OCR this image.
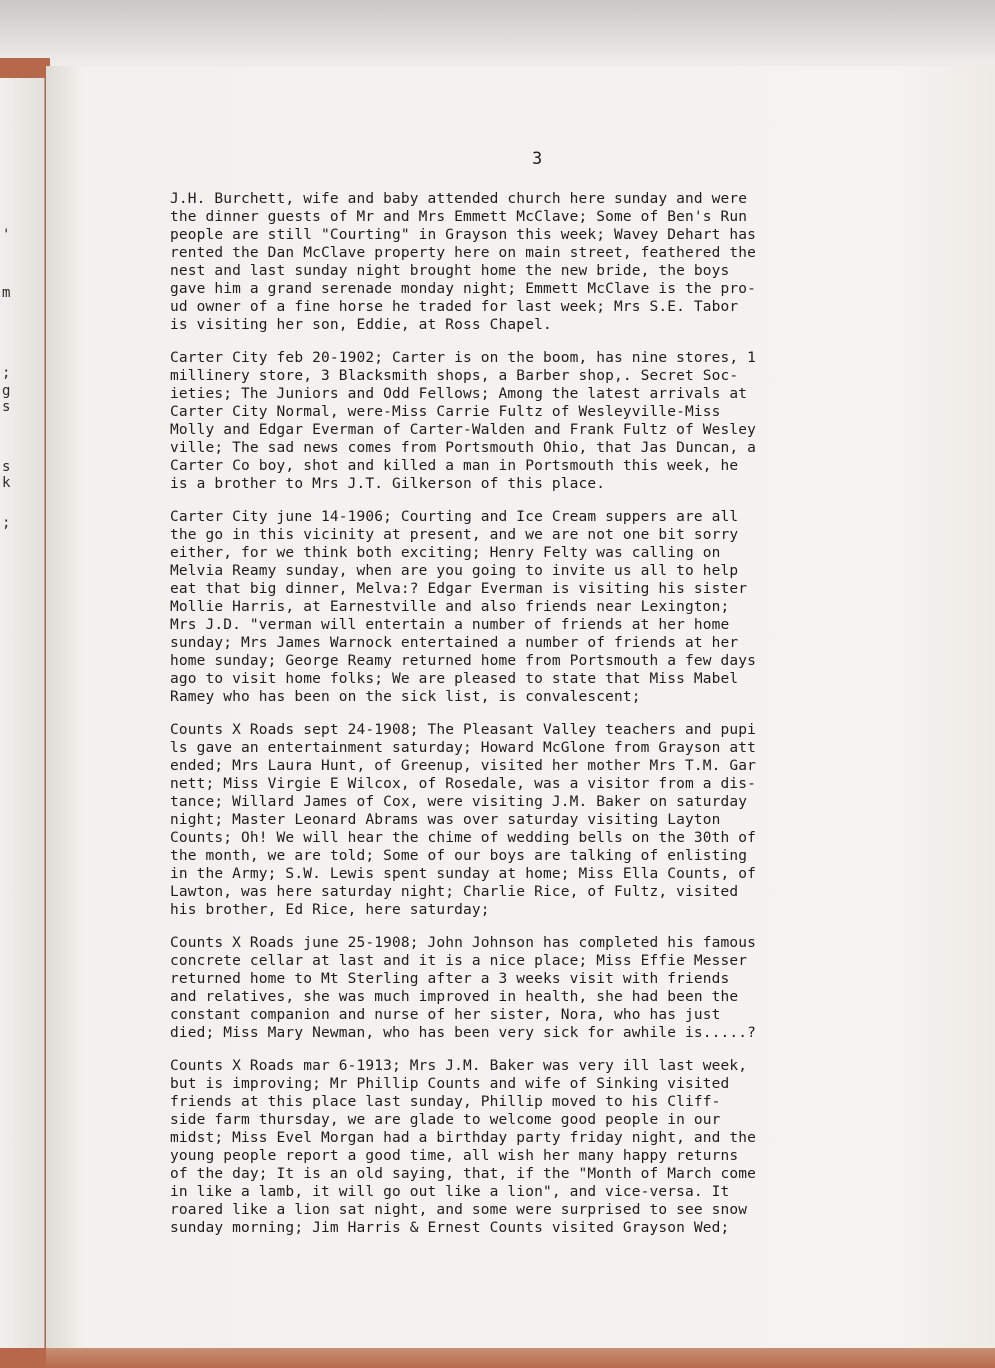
'
m
;
g
s
s
k
;
3
J.H. Burchett, wife and baby attended church here sunday and were
the dinner guests of Mr and Mrs Emmett McClave; Some of Ben's Run
people are still "Courting" in Grayson this week; Wavey Dehart has
rented the Dan McClave property here on main street, feathered the
nest and last sunday night brought home the new bride, the boys
gave him a grand serenade monday night; Emmett McClave is the pro-
ud owner of a fine horse he traded for last week; Mrs S.E. Tabor
is visiting her son, Eddie, at Ross Chapel.
Carter City feb 20-1902; Carter is on the boom, has nine stores, 1
millinery store, 3 Blacksmith shops, a Barber shop,. Secret Soc-
ieties; The Juniors and Odd Fellows; Among the latest arrivals at
Carter City Normal, were-Miss Carrie Fultz of Wesleyville-Miss
Molly and Edgar Everman of Carter-Walden and Frank Fultz of Wesley
ville; The sad news comes from Portsmouth Ohio, that Jas Duncan, a
Carter Co boy, shot and killed a man in Portsmouth this week, he
is a brother to Mrs J.T. Gilkerson of this place.
Carter City june 14-1906; Courting and Ice Cream suppers are all
the go in this vicinity at present, and we are not one bit sorry
either, for we think both exciting; Henry Felty was calling on
Melvia Reamy sunday, when are you going to invite us all to help
eat that big dinner, Melva:? Edgar Everman is visiting his sister
Mollie Harris, at Earnestville and also friends near Lexington;
Mrs J.D. "verman will entertain a number of friends at her home
sunday; Mrs James Warnock entertained a number of friends at her
home sunday; George Reamy returned home from Portsmouth a few days
ago to visit home folks; We are pleased to state that Miss Mabel
Ramey who has been on the sick list, is convalescent;
Counts X Roads sept 24-1908; The Pleasant Valley teachers and pupi
ls gave an entertainment saturday; Howard McGlone from Grayson att
ended; Mrs Laura Hunt, of Greenup, visited her mother Mrs T.M. Gar
nett; Miss Virgie E Wilcox, of Rosedale, was a visitor from a dis-
tance; Willard James of Cox, were visiting J.M. Baker on saturday
night; Master Leonard Abrams was over saturday visiting Layton
Counts; Oh! We will hear the chime of wedding bells on the 30th of
the month, we are told; Some of our boys are talking of enlisting
in the Army; S.W. Lewis spent sunday at home; Miss Ella Counts, of
Lawton, was here saturday night; Charlie Rice, of Fultz, visited
his brother, Ed Rice, here saturday;
Counts X Roads june 25-1908; John Johnson has completed his famous
concrete cellar at last and it is a nice place; Miss Effie Messer
returned home to Mt Sterling after a 3 weeks visit with friends
and relatives, she was much improved in health, she had been the
constant companion and nurse of her sister, Nora, who has just
died; Miss Mary Newman, who has been very sick for awhile is.....?
Counts X Roads mar 6-1913; Mrs J.M. Baker was very ill last week,
but is improving; Mr Phillip Counts and wife of Sinking visited
friends at this place last sunday, Phillip moved to his Cliff-
side farm thursday, we are glade to welcome good people in our
midst; Miss Evel Morgan had a birthday party friday night, and the
young people report a good time, all wish her many happy returns
of the day; It is an old saying, that, if the "Month of March come
in like a lamb, it will go out like a lion", and vice-versa. It
roared like a lion sat night, and some were surprised to see snow
sunday morning; Jim Harris & Ernest Counts visited Grayson Wed;
